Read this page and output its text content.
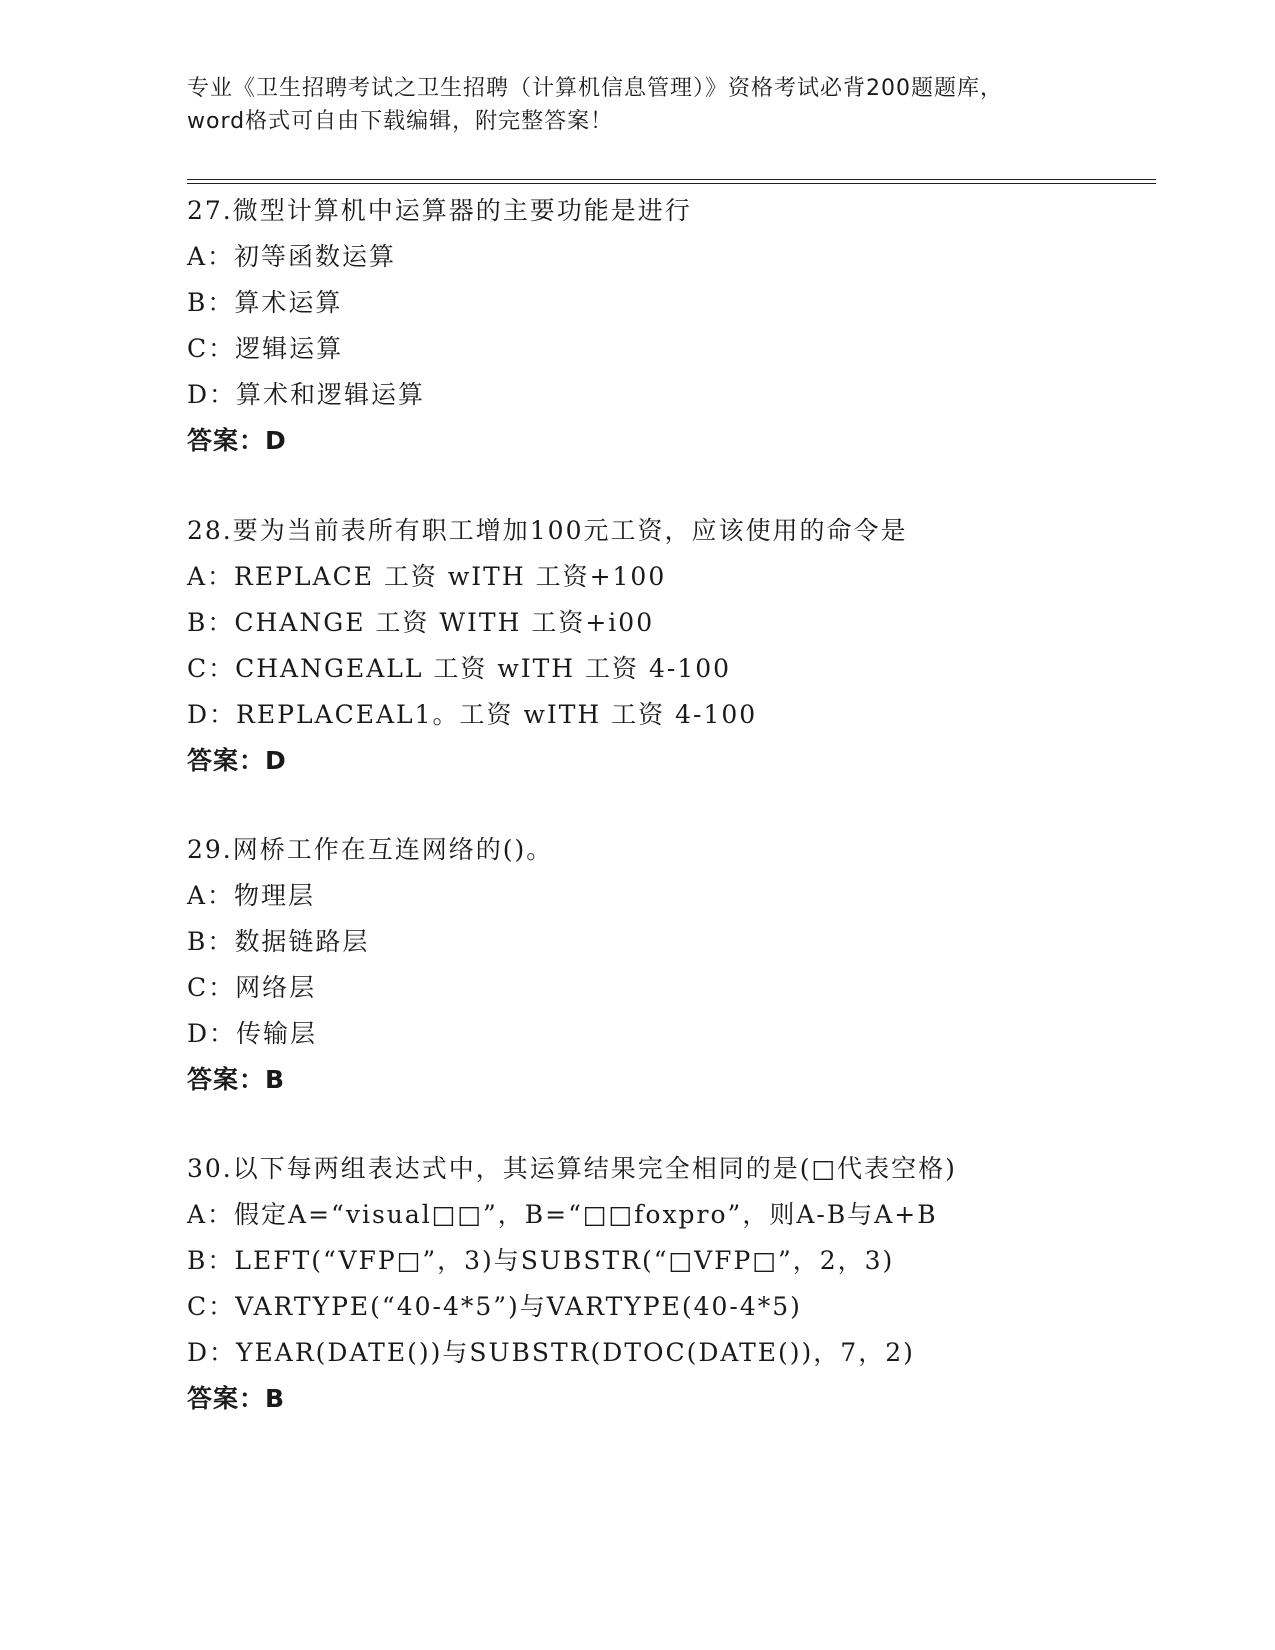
专业《卫生招聘考试之卫生招聘（计算机信息管理）》资格考试必背200题题库，
word格式可自由下载编辑，附完整答案！
27.微型计算机中运算器的主要功能是进行
A：初等函数运算
B：算术运算
C：逻辑运算
D：算术和逻辑运算
答案：D
28.要为当前表所有职工增加100元工资，应该使用的命令是
A：REPLACE 工资 wITH 工资+100
B：CHANGE 工资 WITH 工资+i00
C：CHANGEALL 工资 wITH 工资 4-100
D：REPLACEAL1。工资 wITH 工资 4-100
答案：D
29.网桥工作在互连网络的()。
A：物理层
B：数据链路层
C：网络层
D：传输层
答案：B
30.以下每两组表达式中，其运算结果完全相同的是(□代表空格)
A：假定A=“visual□□”，B=“□□foxpro”，则A-B与A+B
B：LEFT(“VFP□”，3)与SUBSTR(“□VFP□”，2，3)
C：VARTYPE(“40-4*5”)与VARTYPE(40-4*5)
D：YEAR(DATE())与SUBSTR(DTOC(DATE())，7，2)
答案：B
